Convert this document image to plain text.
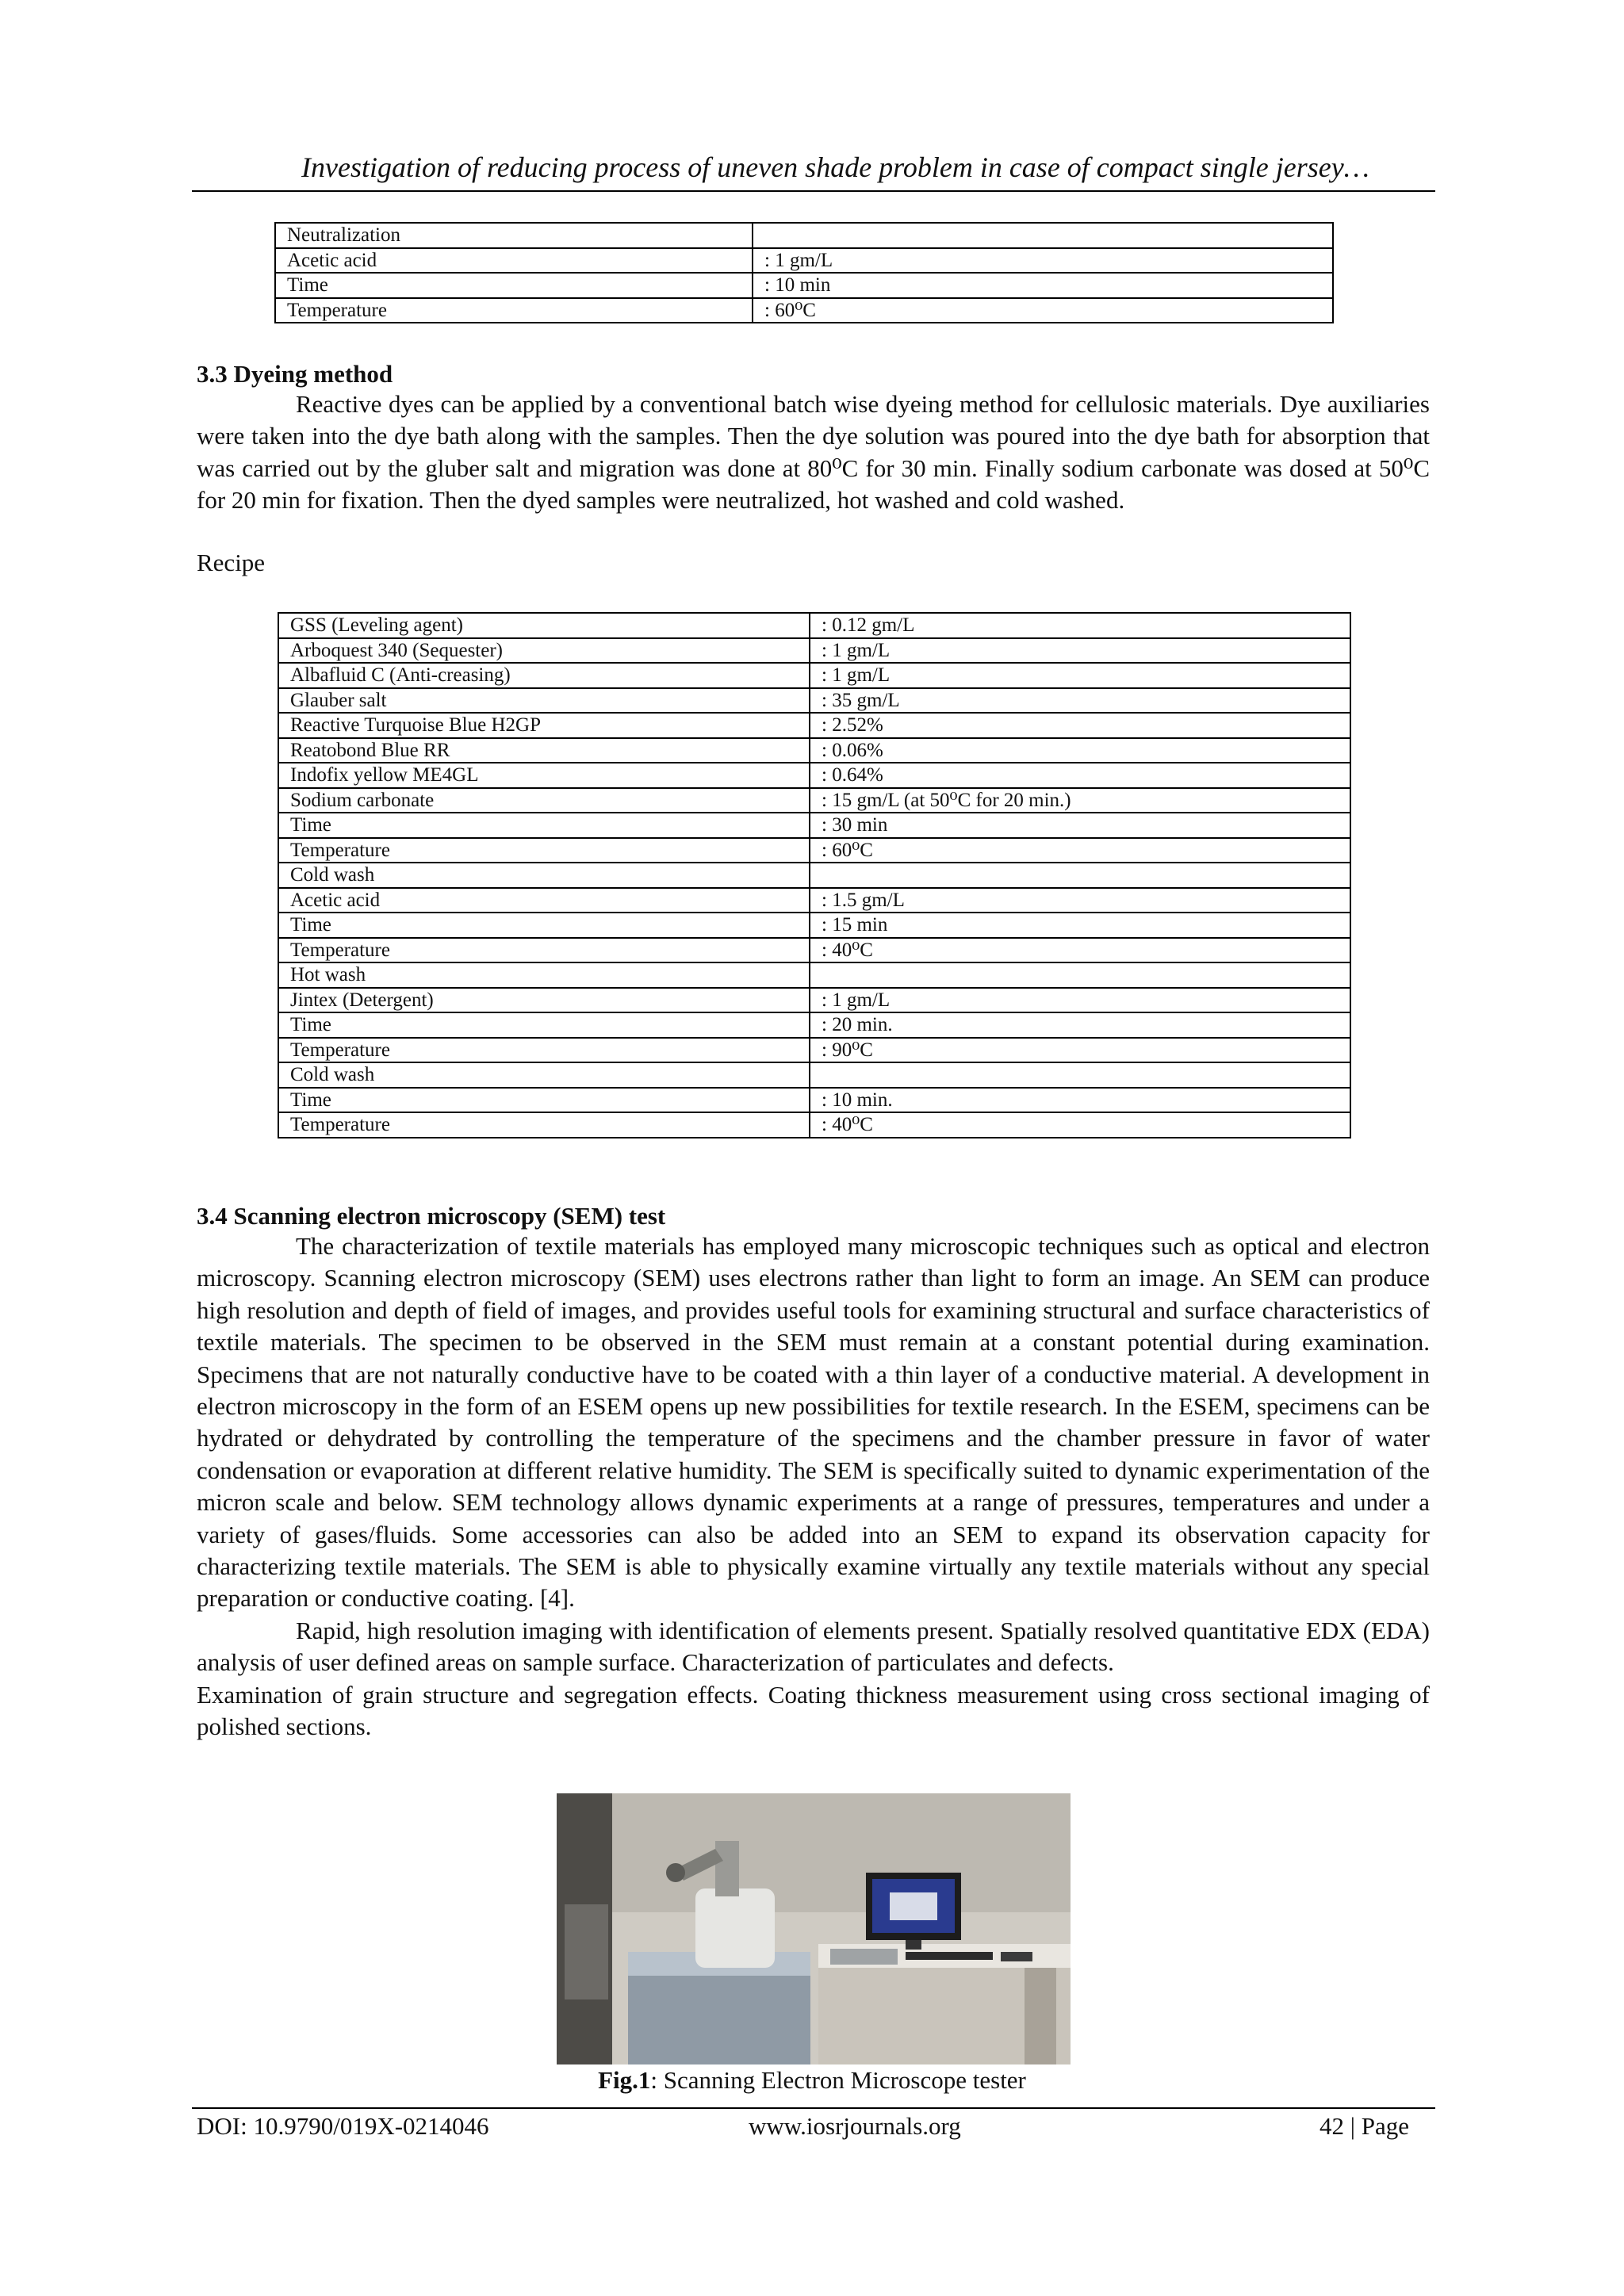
Investigation of reducing process of uneven shade problem in case of compact single jersey…
Neutralization	
Acetic acid	: 1 gm/L
Time	: 10 min
Temperature	: 60⁰C
3.3 Dyeing method

Reactive dyes can be applied by a conventional batch wise dyeing method for cellulosic materials. Dye auxiliaries were taken into the dye bath along with the samples. Then the dye solution was poured into the dye bath for absorption that was carried out by the gluber salt and migration was done at 80⁰C for 30 min. Finally sodium carbonate was dosed at 50⁰C for 20 min for fixation. Then the dyed samples were neutralized, hot washed and cold washed.

Recipe
GSS (Leveling agent)	: 0.12 gm/L
Arboquest 340 (Sequester)	: 1 gm/L
Albafluid C (Anti-creasing)	: 1 gm/L
Glauber salt	: 35 gm/L
Reactive Turquoise Blue H2GP	: 2.52%
Reatobond Blue RR	: 0.06%
Indofix yellow ME4GL	: 0.64%
Sodium carbonate	: 15 gm/L (at 50⁰C for 20 min.)
Time	: 30 min
Temperature	: 60⁰C
Cold wash	
Acetic acid	: 1.5 gm/L
Time	: 15 min
Temperature	: 40⁰C
Hot wash	
Jintex (Detergent)	: 1 gm/L
Time	: 20 min.
Temperature	: 90⁰C
Cold wash	
Time	: 10 min.
Temperature	: 40⁰C
3.4 Scanning electron microscopy (SEM) test

The characterization of textile materials has employed many microscopic techniques such as optical and electron microscopy. Scanning electron microscopy (SEM) uses electrons rather than light to form an image. An SEM can produce high resolution and depth of field of images, and provides useful tools for examining structural and surface characteristics of textile materials. The specimen to be observed in the SEM must remain at a constant potential during examination. Specimens that are not naturally conductive have to be coated with a thin layer of a conductive material. A development in electron microscopy in the form of an ESEM opens up new possibilities for textile research. In the ESEM, specimens can be hydrated or dehydrated by controlling the temperature of the specimens and the chamber pressure in favor of water condensation or evaporation at different relative humidity. The SEM is specifically suited to dynamic experimentation of the micron scale and below. SEM technology allows dynamic experiments at a range of pressures, temperatures and under a variety of gases/fluids. Some accessories can also be added into an SEM to expand its observation capacity for characterizing textile materials. The SEM is able to physically examine virtually any textile materials without any special preparation or conductive coating. [4].

Rapid, high resolution imaging with identification of elements present. Spatially resolved quantitative EDX (EDA) analysis of user defined areas on sample surface. Characterization of particulates and defects.

Examination of grain structure and segregation effects. Coating thickness measurement using cross sectional imaging of polished sections.

Fig.1: Scanning Electron Microscope tester
DOI: 10.9790/019X-0214046	www.iosrjournals.org	42 | Page
